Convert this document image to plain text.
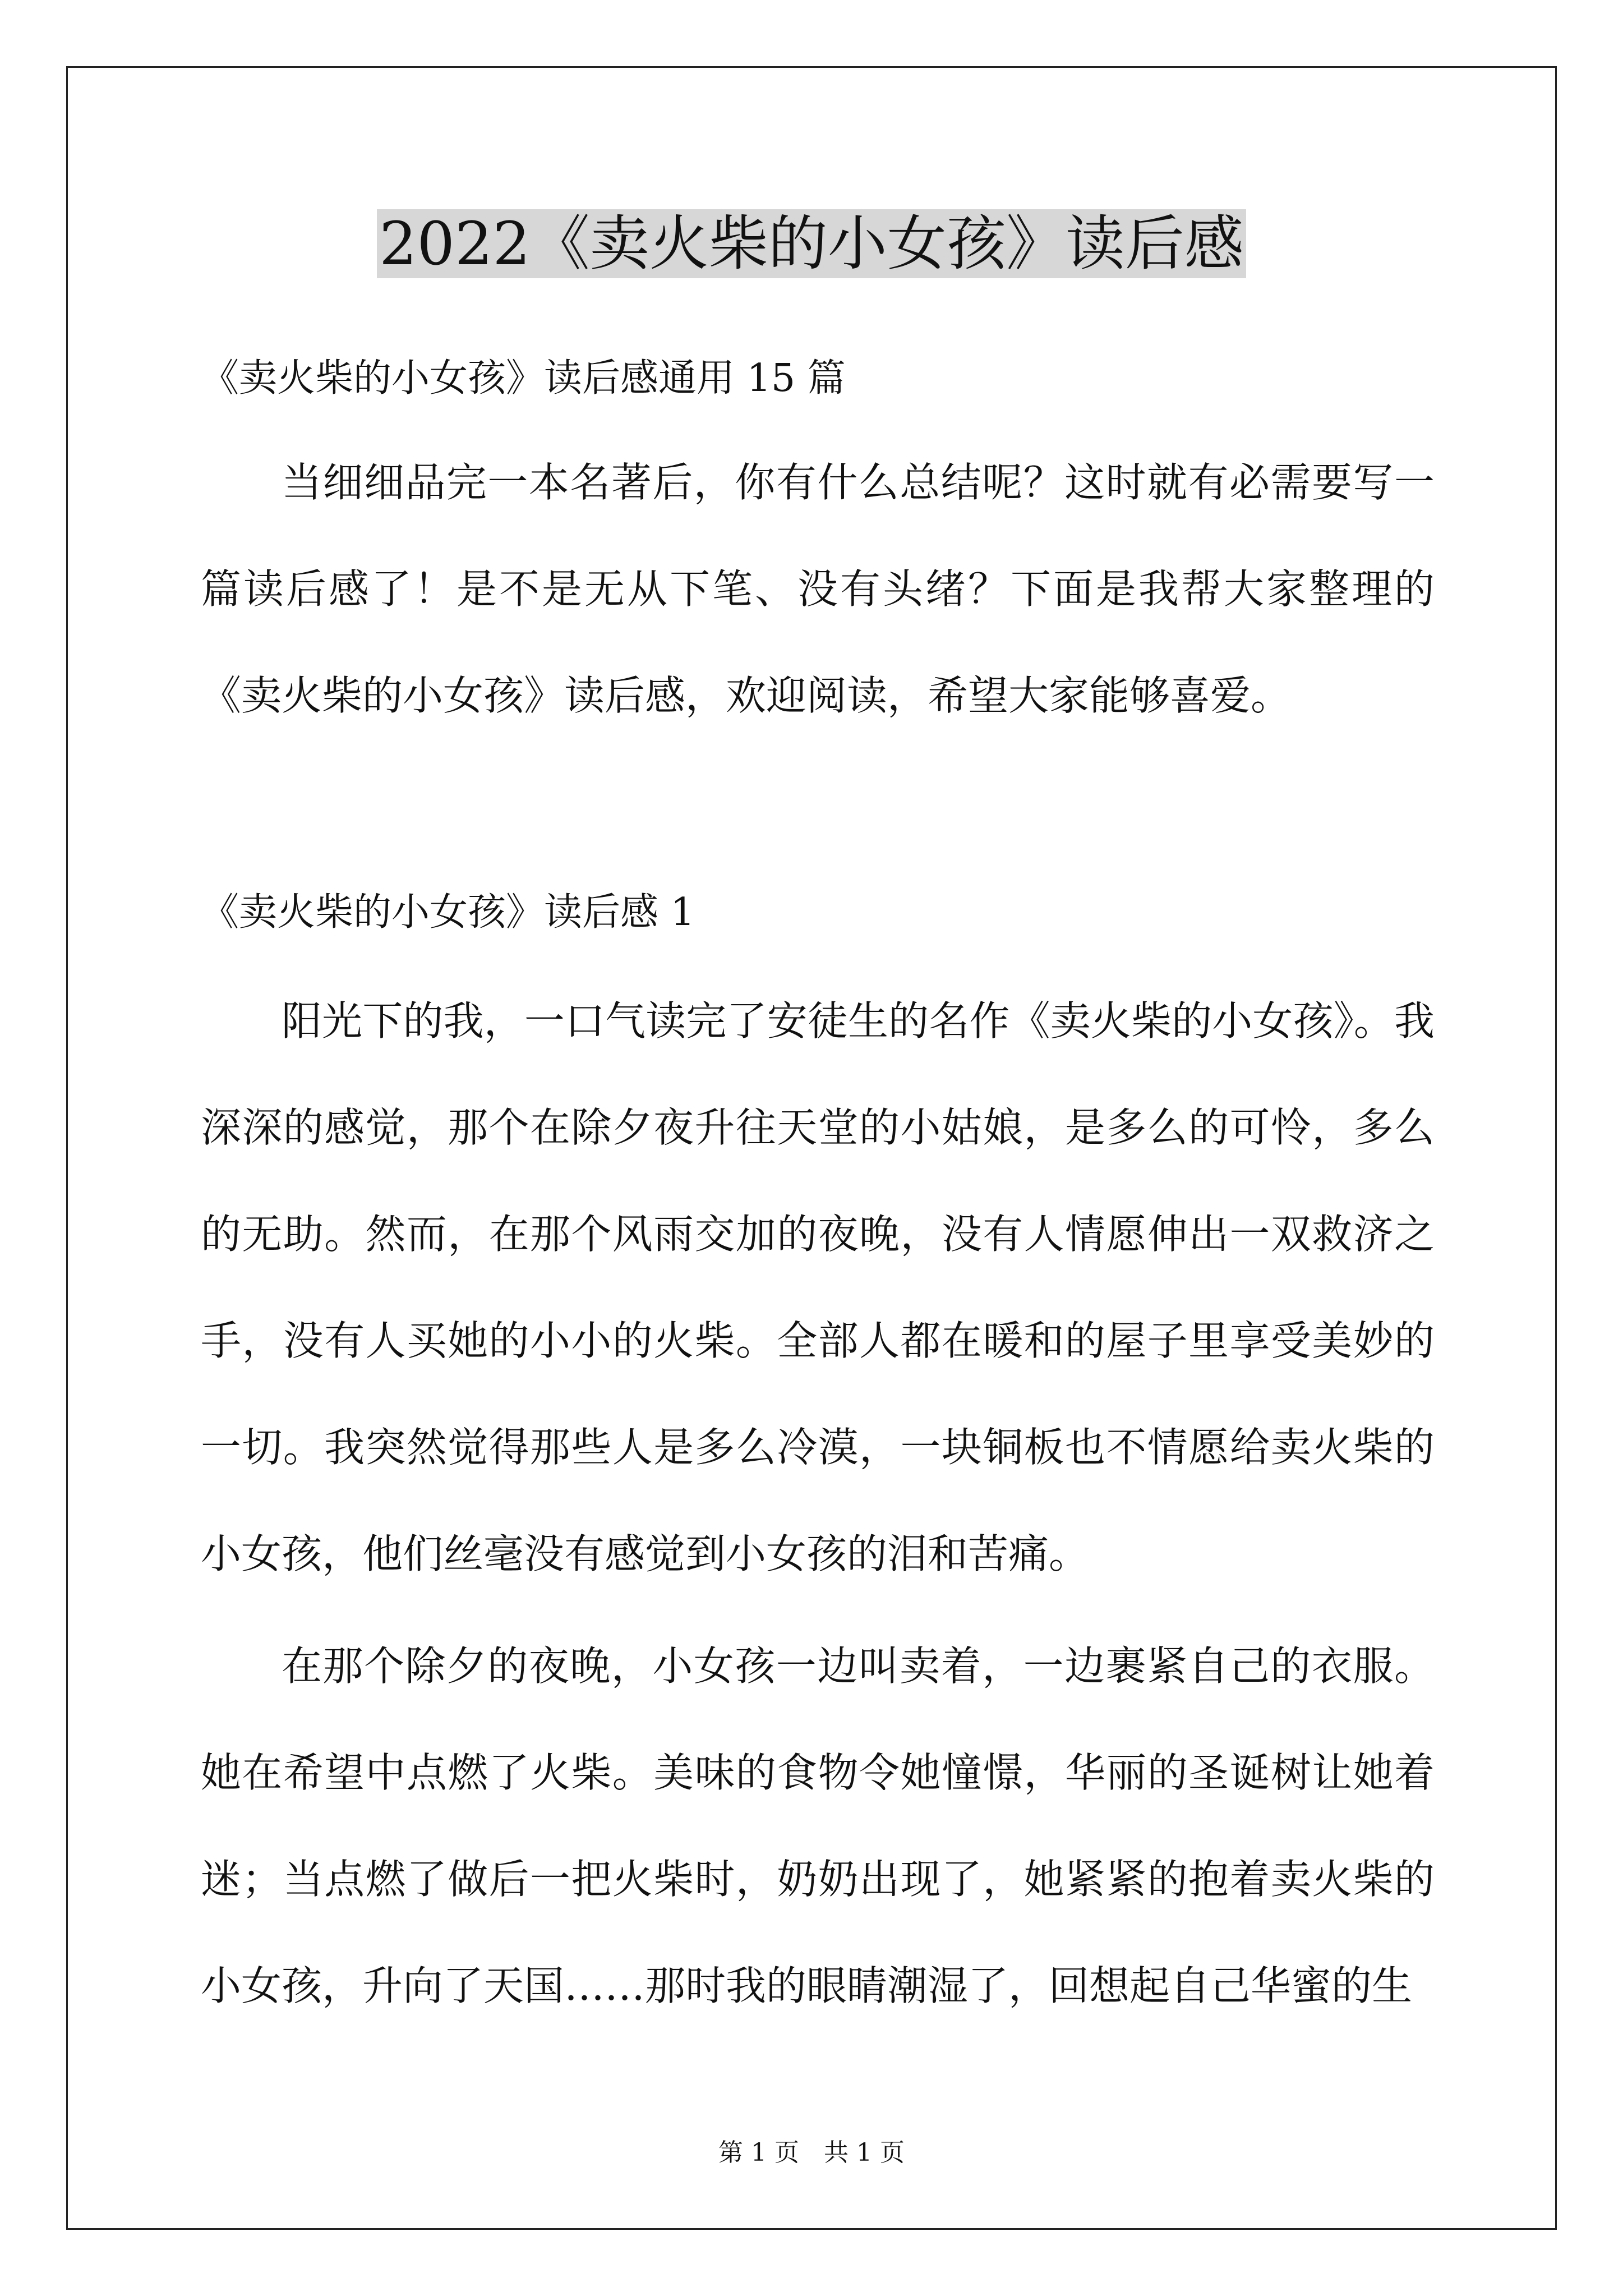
2022《卖火柴的小女孩》读后感

《卖火柴的小女孩》读后感通用 15 篇

当细细品完一本名著后，你有什么总结呢？这时就有必需要写一篇读后感了！是不是无从下笔、没有头绪？下面是我帮大家整理的《卖火柴的小女孩》读后感，欢迎阅读，希望大家能够喜爱。

《卖火柴的小女孩》读后感 1

阳光下的我，一口气读完了安徒生的名作《卖火柴的小女孩》。我深深的感觉，那个在除夕夜升往天堂的小姑娘，是多么的可怜，多么的无助。然而，在那个风雨交加的夜晚，没有人情愿伸出一双救济之手，没有人买她的小小的火柴。全部人都在暖和的屋子里享受美妙的一切。我突然觉得那些人是多么冷漠，一块铜板也不情愿给卖火柴的小女孩，他们丝毫没有感觉到小女孩的泪和苦痛。

在那个除夕的夜晚，小女孩一边叫卖着，一边裹紧自己的衣服。她在希望中点燃了火柴。美味的食物令她憧憬，华丽的圣诞树让她着迷；当点燃了做后一把火柴时，奶奶出现了，她紧紧的抱着卖火柴的小女孩，升向了天国……那时我的眼睛潮湿了，回想起自己华蜜的生

第 1 页　共 1 页
